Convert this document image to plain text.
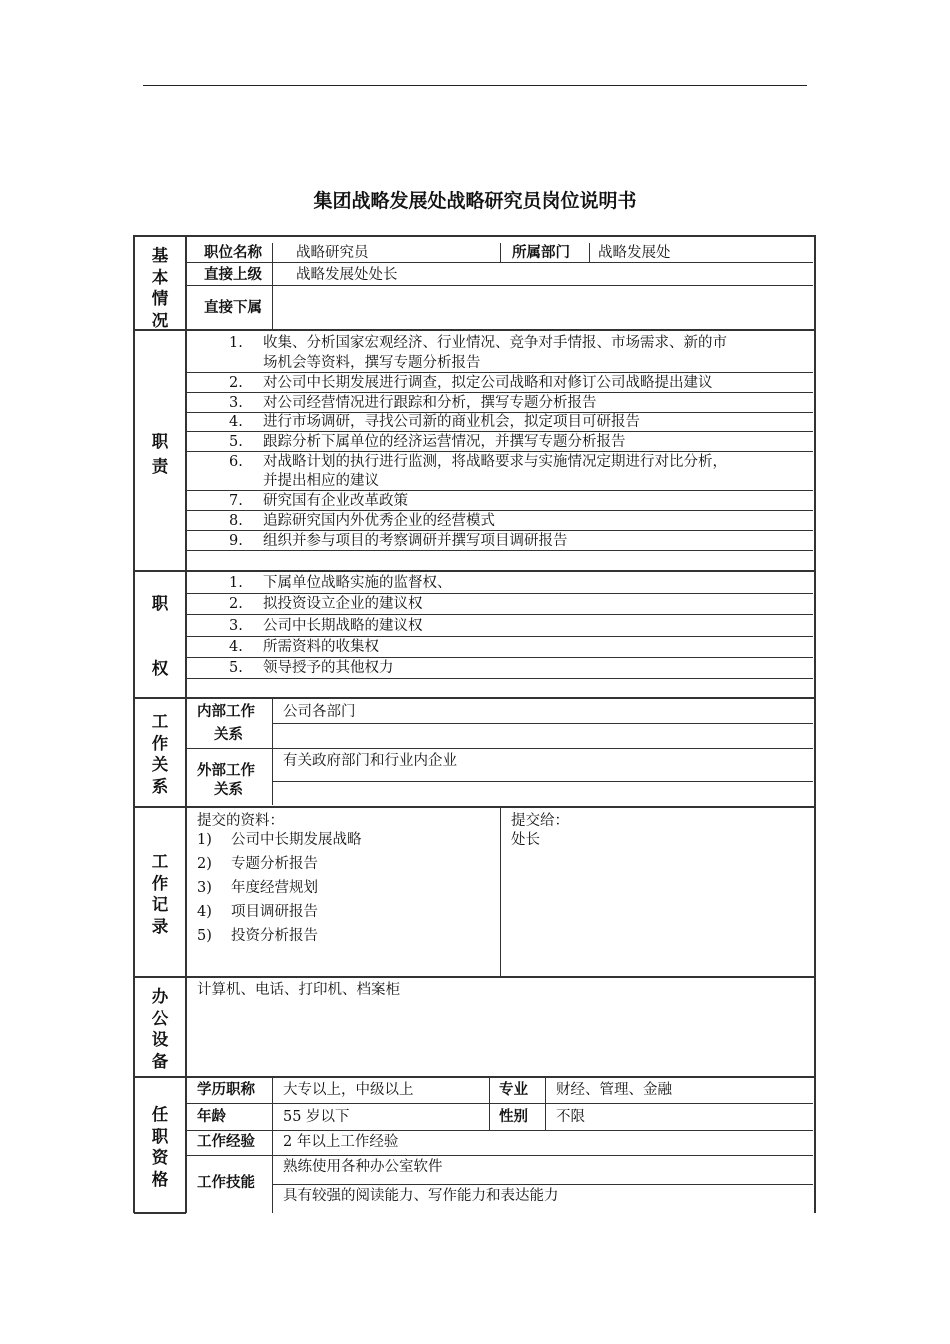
集团战略发展处战略研究员岗位说明书
基本情况
职位名称 战略研究员	所属部门 战略发展处
直接上级 战略发展处处长
直接下属
职责
1. 收集、分析国家宏观经济、行业情况、竞争对手情报、市场需求、新的市
场机会等资料，撰写专题分析报告
2. 对公司中长期发展进行调查，拟定公司战略和对修订公司战略提出建议
3. 对公司经营情况进行跟踪和分析，撰写专题分析报告
4. 进行市场调研，寻找公司新的商业机会，拟定项目可研报告
5. 跟踪分析下属单位的经济运营情况，并撰写专题分析报告
6. 对战略计划的执行进行监测，将战略要求与实施情况定期进行对比分析，
并提出相应的建议
7. 研究国有企业改革政策
8. 追踪研究国内外优秀企业的经营模式
9. 组织并参与项目的考察调研并撰写项目调研报告
职
权
1. 下属单位战略实施的监督权、
2. 拟投资设立企业的建议权
3. 公司中长期战略的建议权
4. 所需资料的收集权
5. 领导授予的其他权力
工作关系
内部工作
关系
公司各部门
外部工作
关系
有关政府部门和行业内企业
工作记录
提交的资料：
1) 公司中长期发展战略
2) 专题分析报告
3) 年度经营规划
4) 项目调研报告
5) 投资分析报告
提交给：
处长
办公设备
计算机、电话、打印机、档案柜
任职资格
学历职称 大专以上，中级以上	专业 财经、管理、金融
年龄	55 岁以下	性别 不限
工作经验 2 年以上工作经验
工作技能
熟练使用各种办公室软件
具有较强的阅读能力、写作能力和表达能力
